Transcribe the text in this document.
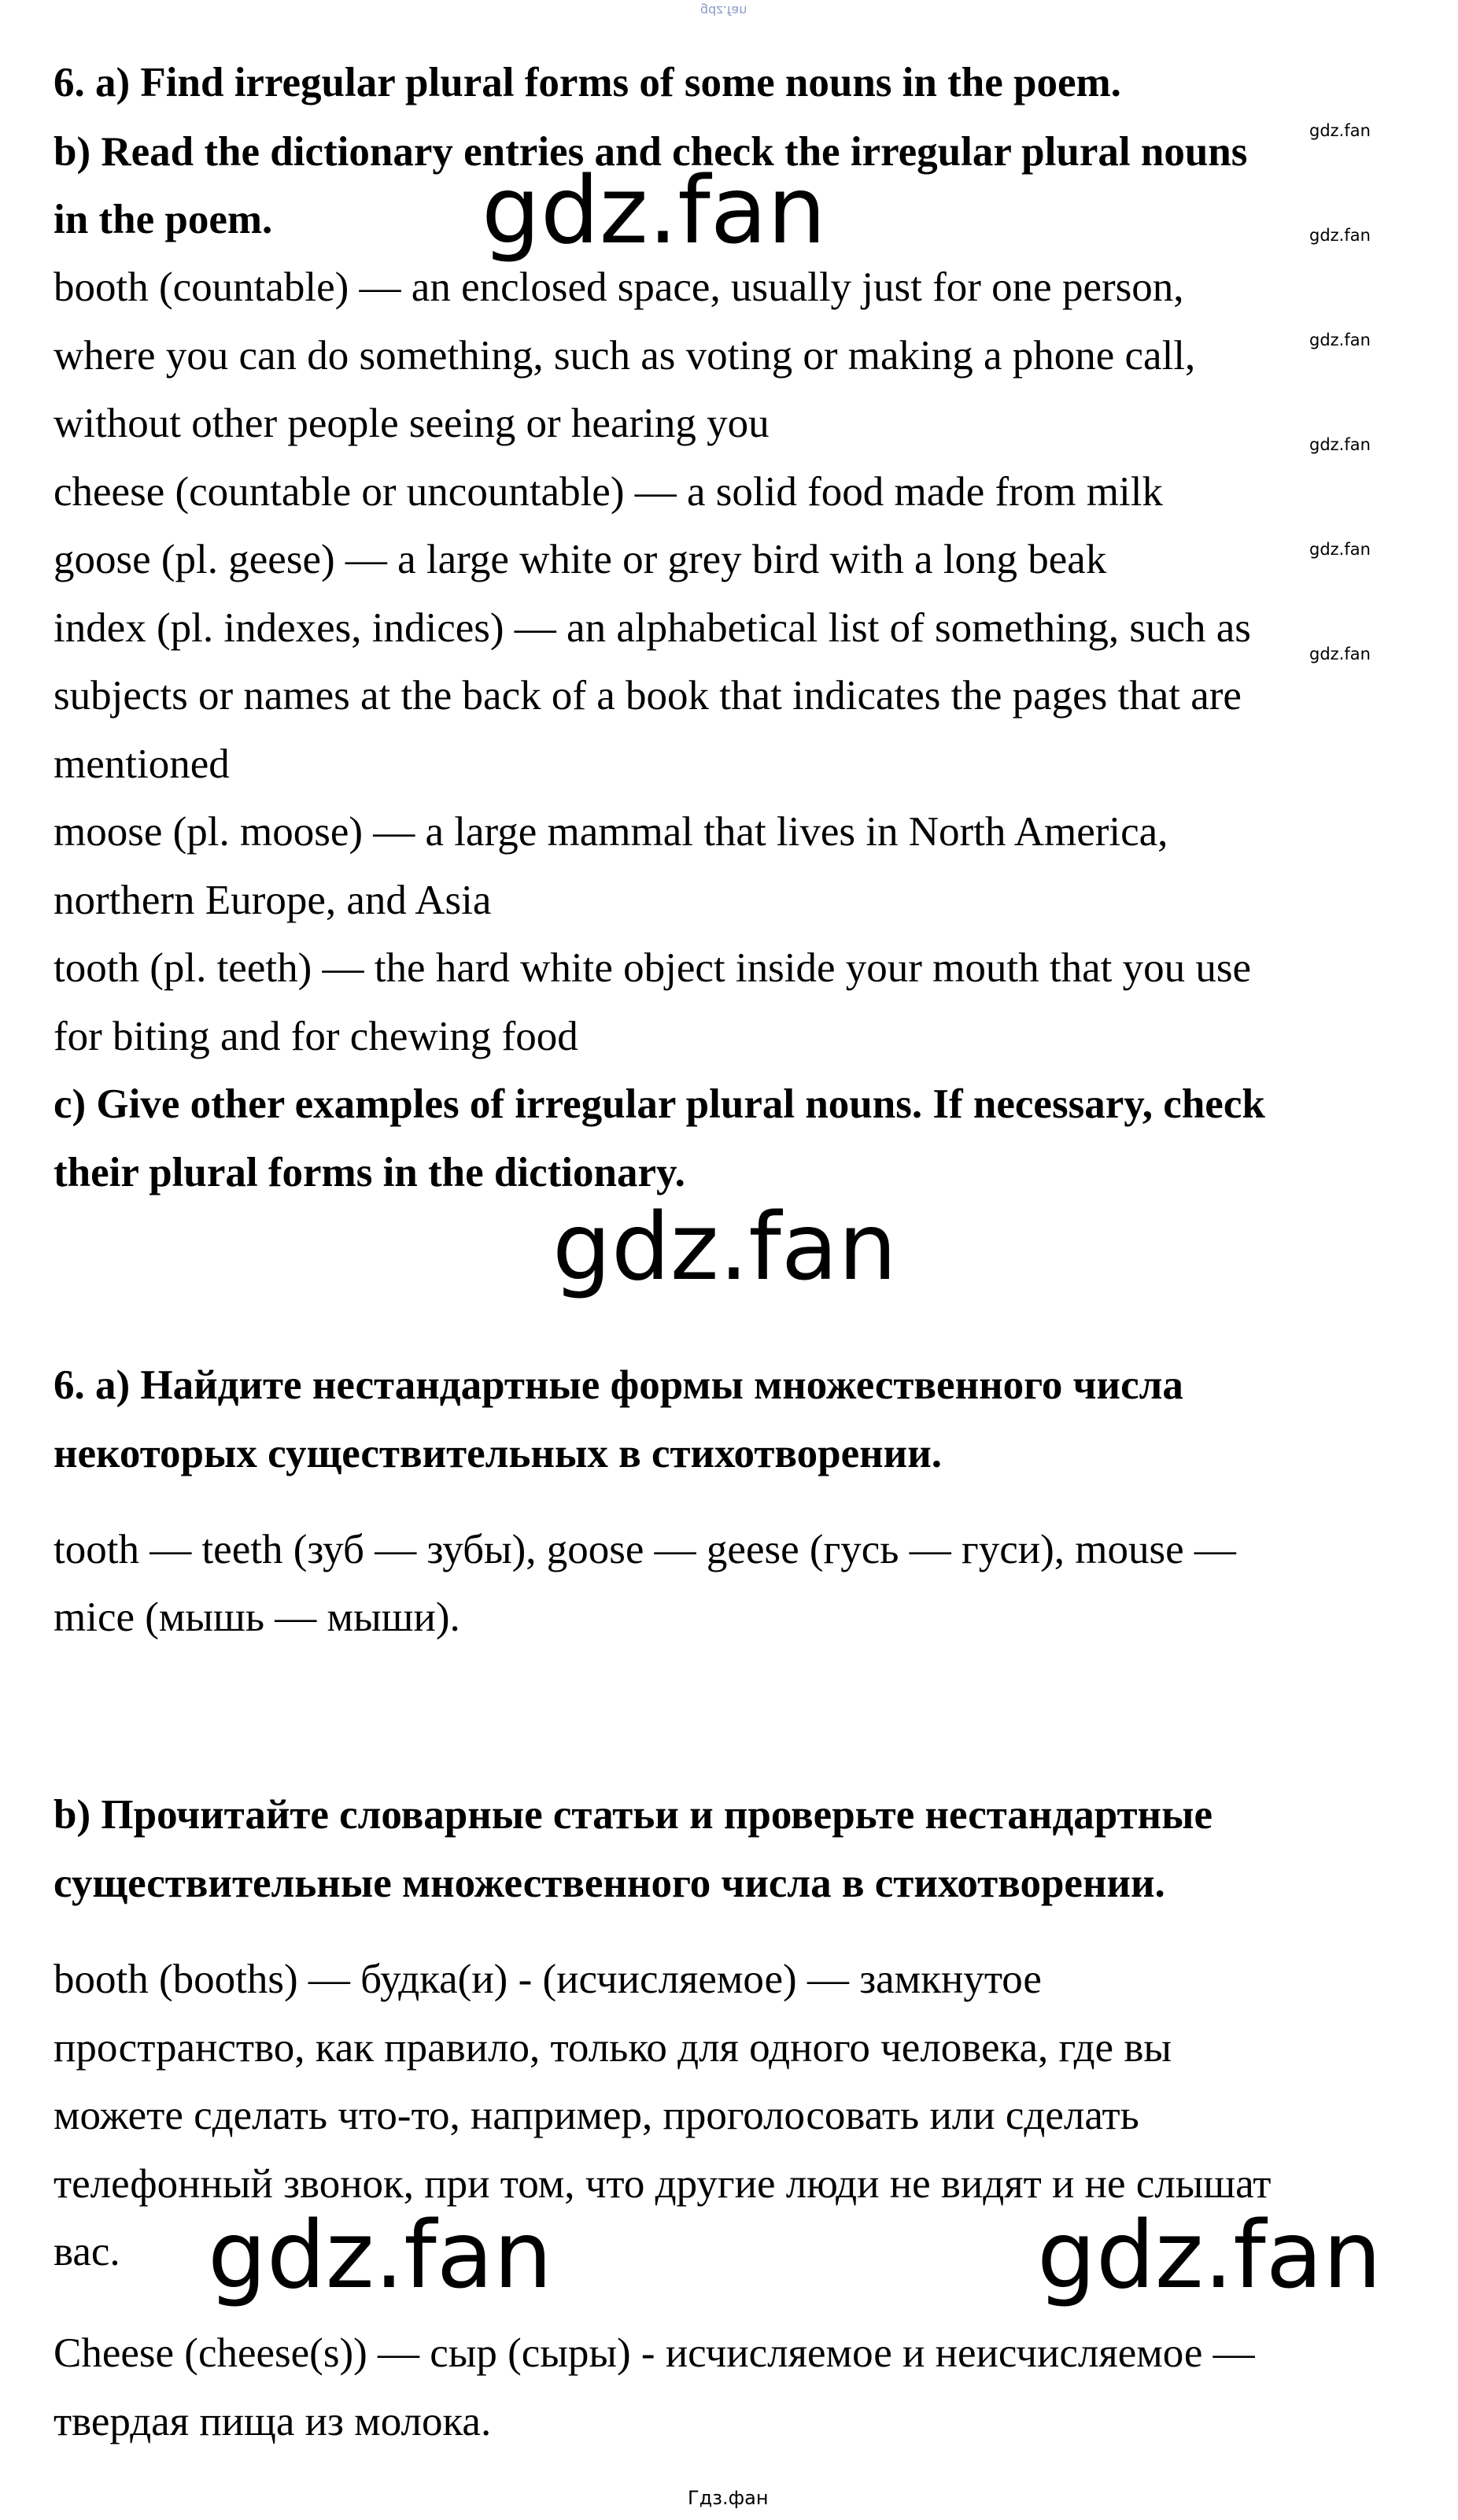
gdz.fan
6. a) Find irregular plural forms of some nouns in the poem.
b) Read the dictionary entries and check the irregular plural nouns
in the poem.
booth (countable) — an enclosed space, usually just for one person,
where you can do something, such as voting or making a phone call,
without other people seeing or hearing you
cheese (countable or uncountable) — a solid food made from milk
goose (pl. geese) — a large white or grey bird with a long beak
index (pl. indexes, indices) — an alphabetical list of something, such as
subjects or names at the back of a book that indicates the pages that are
mentioned
moose (pl. moose) — a large mammal that lives in North America,
northern Europe, and Asia
tooth (pl. teeth) — the hard white object inside your mouth that you use
for biting and for chewing food
c) Give other examples of irregular plural nouns. If necessary, check
their plural forms in the dictionary.
6. а) Найдите нестандартные формы множественного числа
некоторых существительных в стихотворении.
tooth — teeth (зуб — зубы), goose — geese (гусь — гуси), mouse —
mice (мышь — мыши).
b) Прочитайте словарные статьи и проверьте нестандартные
существительные множественного числа в стихотворении.
booth (booths) — будка(и) - (исчисляемое) — замкнутое
пространство, как правило, только для одного человека, где вы
можете сделать что-то, например, проголосовать или сделать
телефонный звонок, при том, что другие люди не видят и не слышат
вас.
Cheese (cheese(s)) — сыр (сыры) - исчисляемое и неисчисляемое —
твердая пища из молока.
gdz.fan
gdz.fan
gdz.fan	gdz.fan
gdz.fan
gdz.fan
gdz.fan
gdz.fan
gdz.fan
gdz.fan
Гдз.фан
